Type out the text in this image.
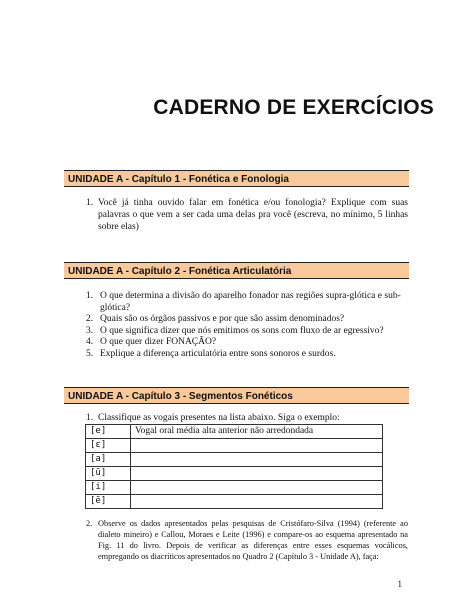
CADERNO DE EXERCÍCIOS
UNIDADE A - Capítulo 1 - Fonética e Fonologia
1. Você já tinha ouvido falar em fonética e/ou fonologia? Explique com suas palavras o que vem a ser cada uma delas pra você (escreva, no mínimo, 5 linhas sobre elas)
UNIDADE A - Capítulo 2 - Fonética Articulatória
1. O que determina a divisão do aparelho fonador nas regiões supra-glótica e sub-glótica?
2. Quais são os órgãos passivos e por que são assim denominados?
3. O que significa dizer que nós emitimos os sons com fluxo de ar egressivo?
4. O que quer dizer FONAÇÃO?
5. Explique a diferença articulatória entre sons sonoros e surdos.
UNIDADE A - Capítulo 3 - Segmentos Fonéticos
1. Classifique as vogais presentes na lista abaixo. Siga o exemplo:
[e]	Vogal oral média alta anterior não arredondada
[ɛ]	
[a]	
[ũ]	
[i]	
[ẽ]	
2. Observe os dados apresentados pelas pesquisas de Cristófaro-Silva (1994) (referente ao dialeto mineiro) e Callou, Moraes e Leite (1996) e compare-os ao esquema apresentado na Fig. 11 do livro. Depois de verificar as diferenças entre esses esquemas vocálicos, empregando os diacríticos apresentados no Quadro 2 (Capítulo 3 - Unidade A), faça:
1
